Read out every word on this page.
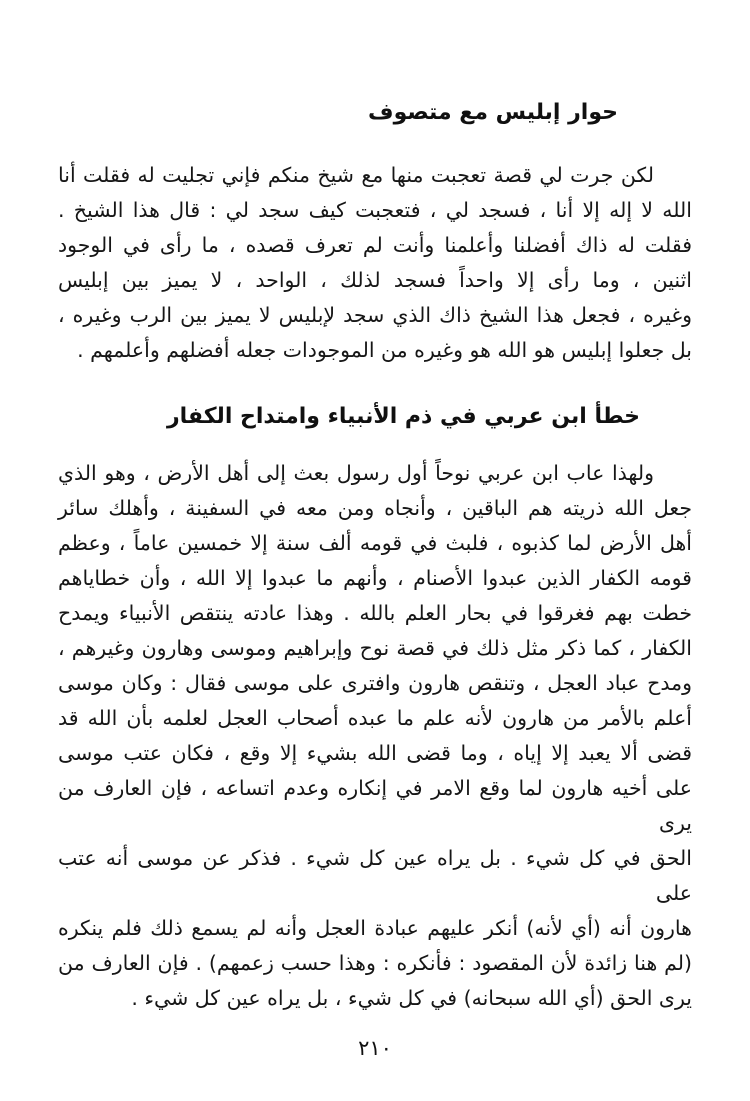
حوار إبليس مع متصوف
لكن جرت لي قصة تعجبت منها مع شيخ منكم فإني تجليت له فقلت أنا
الله لا إله إلا أنا ، فسجد لي ، فتعجبت كيف سجد لي : قال هذا الشيخ .
فقلت له ذاك أفضلنا وأعلمنا وأنت لم تعرف قصده ، ما رأى في الوجود
اثنين ، وما رأى إلا واحداً فسجد لذلك ، الواحد ، لا يميز بين إبليس
وغيره ، فجعل هذا الشيخ ذاك الذي سجد لإبليس لا يميز بين الرب وغيره ،
بل جعلوا إبليس هو الله هو وغيره من الموجودات جعله أفضلهم وأعلمهم .
خطأ ابن عربي في ذم الأنبياء وامتداح الكفار
ولهذا عاب ابن عربي نوحاً أول رسول بعث إلى أهل الأرض ، وهو الذي
جعل الله ذريته هم الباقين ، وأنجاه ومن معه في السفينة ، وأهلك سائر
أهل الأرض لما كذبوه ، فلبث في قومه ألف سنة إلا خمسين عاماً ، وعظم
قومه الكفار الذين عبدوا الأصنام ، وأنهم ما عبدوا إلا الله ، وأن خطاياهم
خطت بهم فغرقوا في بحار العلم بالله . وهذا عادته ينتقص الأنبياء ويمدح
الكفار ، كما ذكر مثل ذلك في قصة نوح وإبراهيم وموسى وهارون وغيرهم ،
ومدح عباد العجل ، وتنقص هارون وافترى على موسى فقال : وكان موسى
أعلم بالأمر من هارون لأنه علم ما عبده أصحاب العجل لعلمه بأن الله قد
قضى ألا يعبد إلا إياه ، وما قضى الله بشيء إلا وقع ، فكان عتب موسى
على أخيه هارون لما وقع الامر في إنكاره وعدم اتساعه ، فإن العارف من يرى
الحق في كل شيء . بل يراه عين كل شيء . فذكر عن موسى أنه عتب على
هارون أنه (أي لأنه) أنكر عليهم عبادة العجل وأنه لم يسمع ذلك فلم ينكره
(لم هنا زائدة لأن المقصود : فأنكره : وهذا حسب زعمهم) . فإن العارف من
يرى الحق (أي الله سبحانه) في كل شيء ، بل يراه عين كل شيء .
٢١٠
